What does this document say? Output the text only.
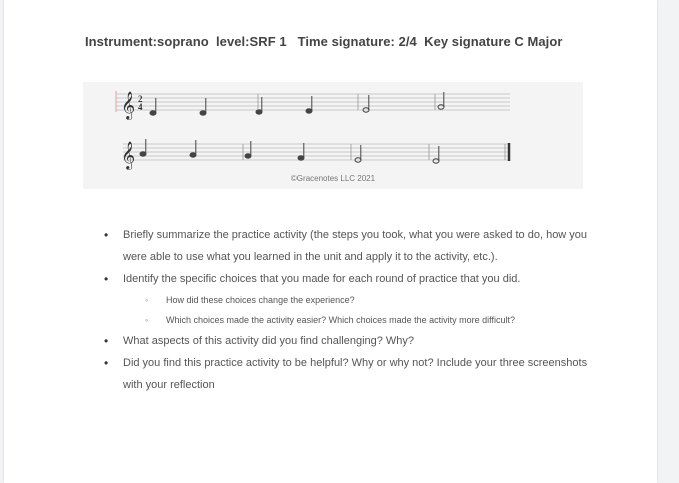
Instrument:soprano  level:SRF 1   Time signature: 2/4  Key signature C Major
𝄞 2
4
𝄞
©Gracenotes LLC 2021
• Briefly summarize the practice activity (the steps you took, what you were asked to do, how you were able to use what you learned in the unit and apply it to the activity, etc.).
• Identify the specific choices that you made for each round of practice that you did.
◦ How did these choices change the experience?
◦ Which choices made the activity easier? Which choices made the activity more difficult?
• What aspects of this activity did you find challenging? Why?
• Did you find this practice activity to be helpful? Why or why not? Include your three screenshots with your reflection
